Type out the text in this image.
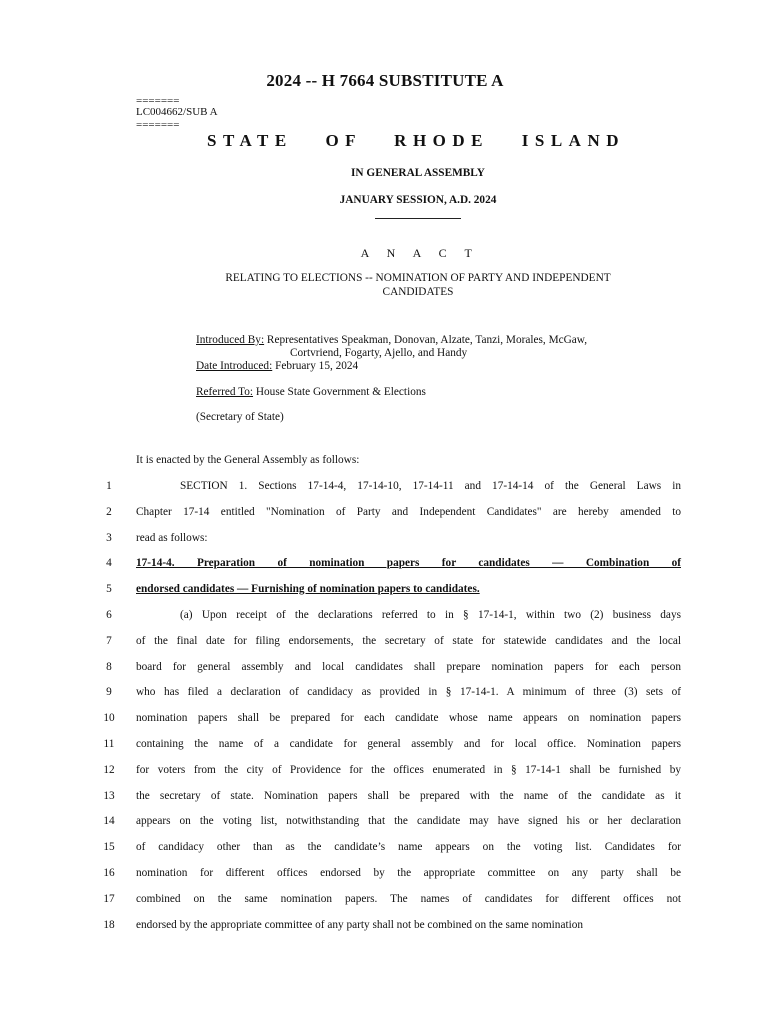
2024 -- H 7664 SUBSTITUTE A
=======
LC004662/SUB A
=======
STATE OF RHODE ISLAND
IN GENERAL ASSEMBLY
JANUARY SESSION, A.D. 2024
A N A C T
RELATING TO ELECTIONS -- NOMINATION OF PARTY AND INDEPENDENT
CANDIDATES
Introduced By: Representatives Speakman, Donovan, Alzate, Tanzi, Morales, McGaw,
Cortvriend, Fogarty, Ajello, and Handy
Date Introduced: February 15, 2024
Referred To: House State Government & Elections
(Secretary of State)
It is enacted by the General Assembly as follows:
1	SECTION 1. Sections 17-14-4, 17-14-10, 17-14-11 and 17-14-14 of the General Laws in
2	Chapter 17-14 entitled "Nomination of Party and Independent Candidates" are hereby amended to
3	read as follows:
4	17-14-4. Preparation of nomination papers for candidates — Combination of
5	endorsed candidates — Furnishing of nomination papers to candidates.
6	(a) Upon receipt of the declarations referred to in § 17-14-1, within two (2) business days
7	of the final date for filing endorsements, the secretary of state for statewide candidates and the local
8	board for general assembly and local candidates shall prepare nomination papers for each person
9	who has filed a declaration of candidacy as provided in § 17-14-1. A minimum of three (3) sets of
10	nomination papers shall be prepared for each candidate whose name appears on nomination papers
11	containing the name of a candidate for general assembly and for local office. Nomination papers
12	for voters from the city of Providence for the offices enumerated in § 17-14-1 shall be furnished by
13	the secretary of state. Nomination papers shall be prepared with the name of the candidate as it
14	appears on the voting list, notwithstanding that the candidate may have signed his or her declaration
15	of candidacy other than as the candidate’s name appears on the voting list. Candidates for
16	nomination for different offices endorsed by the appropriate committee on any party shall be
17	combined on the same nomination papers. The names of candidates for different offices not
18	endorsed by the appropriate committee of any party shall not be combined on the same nomination
